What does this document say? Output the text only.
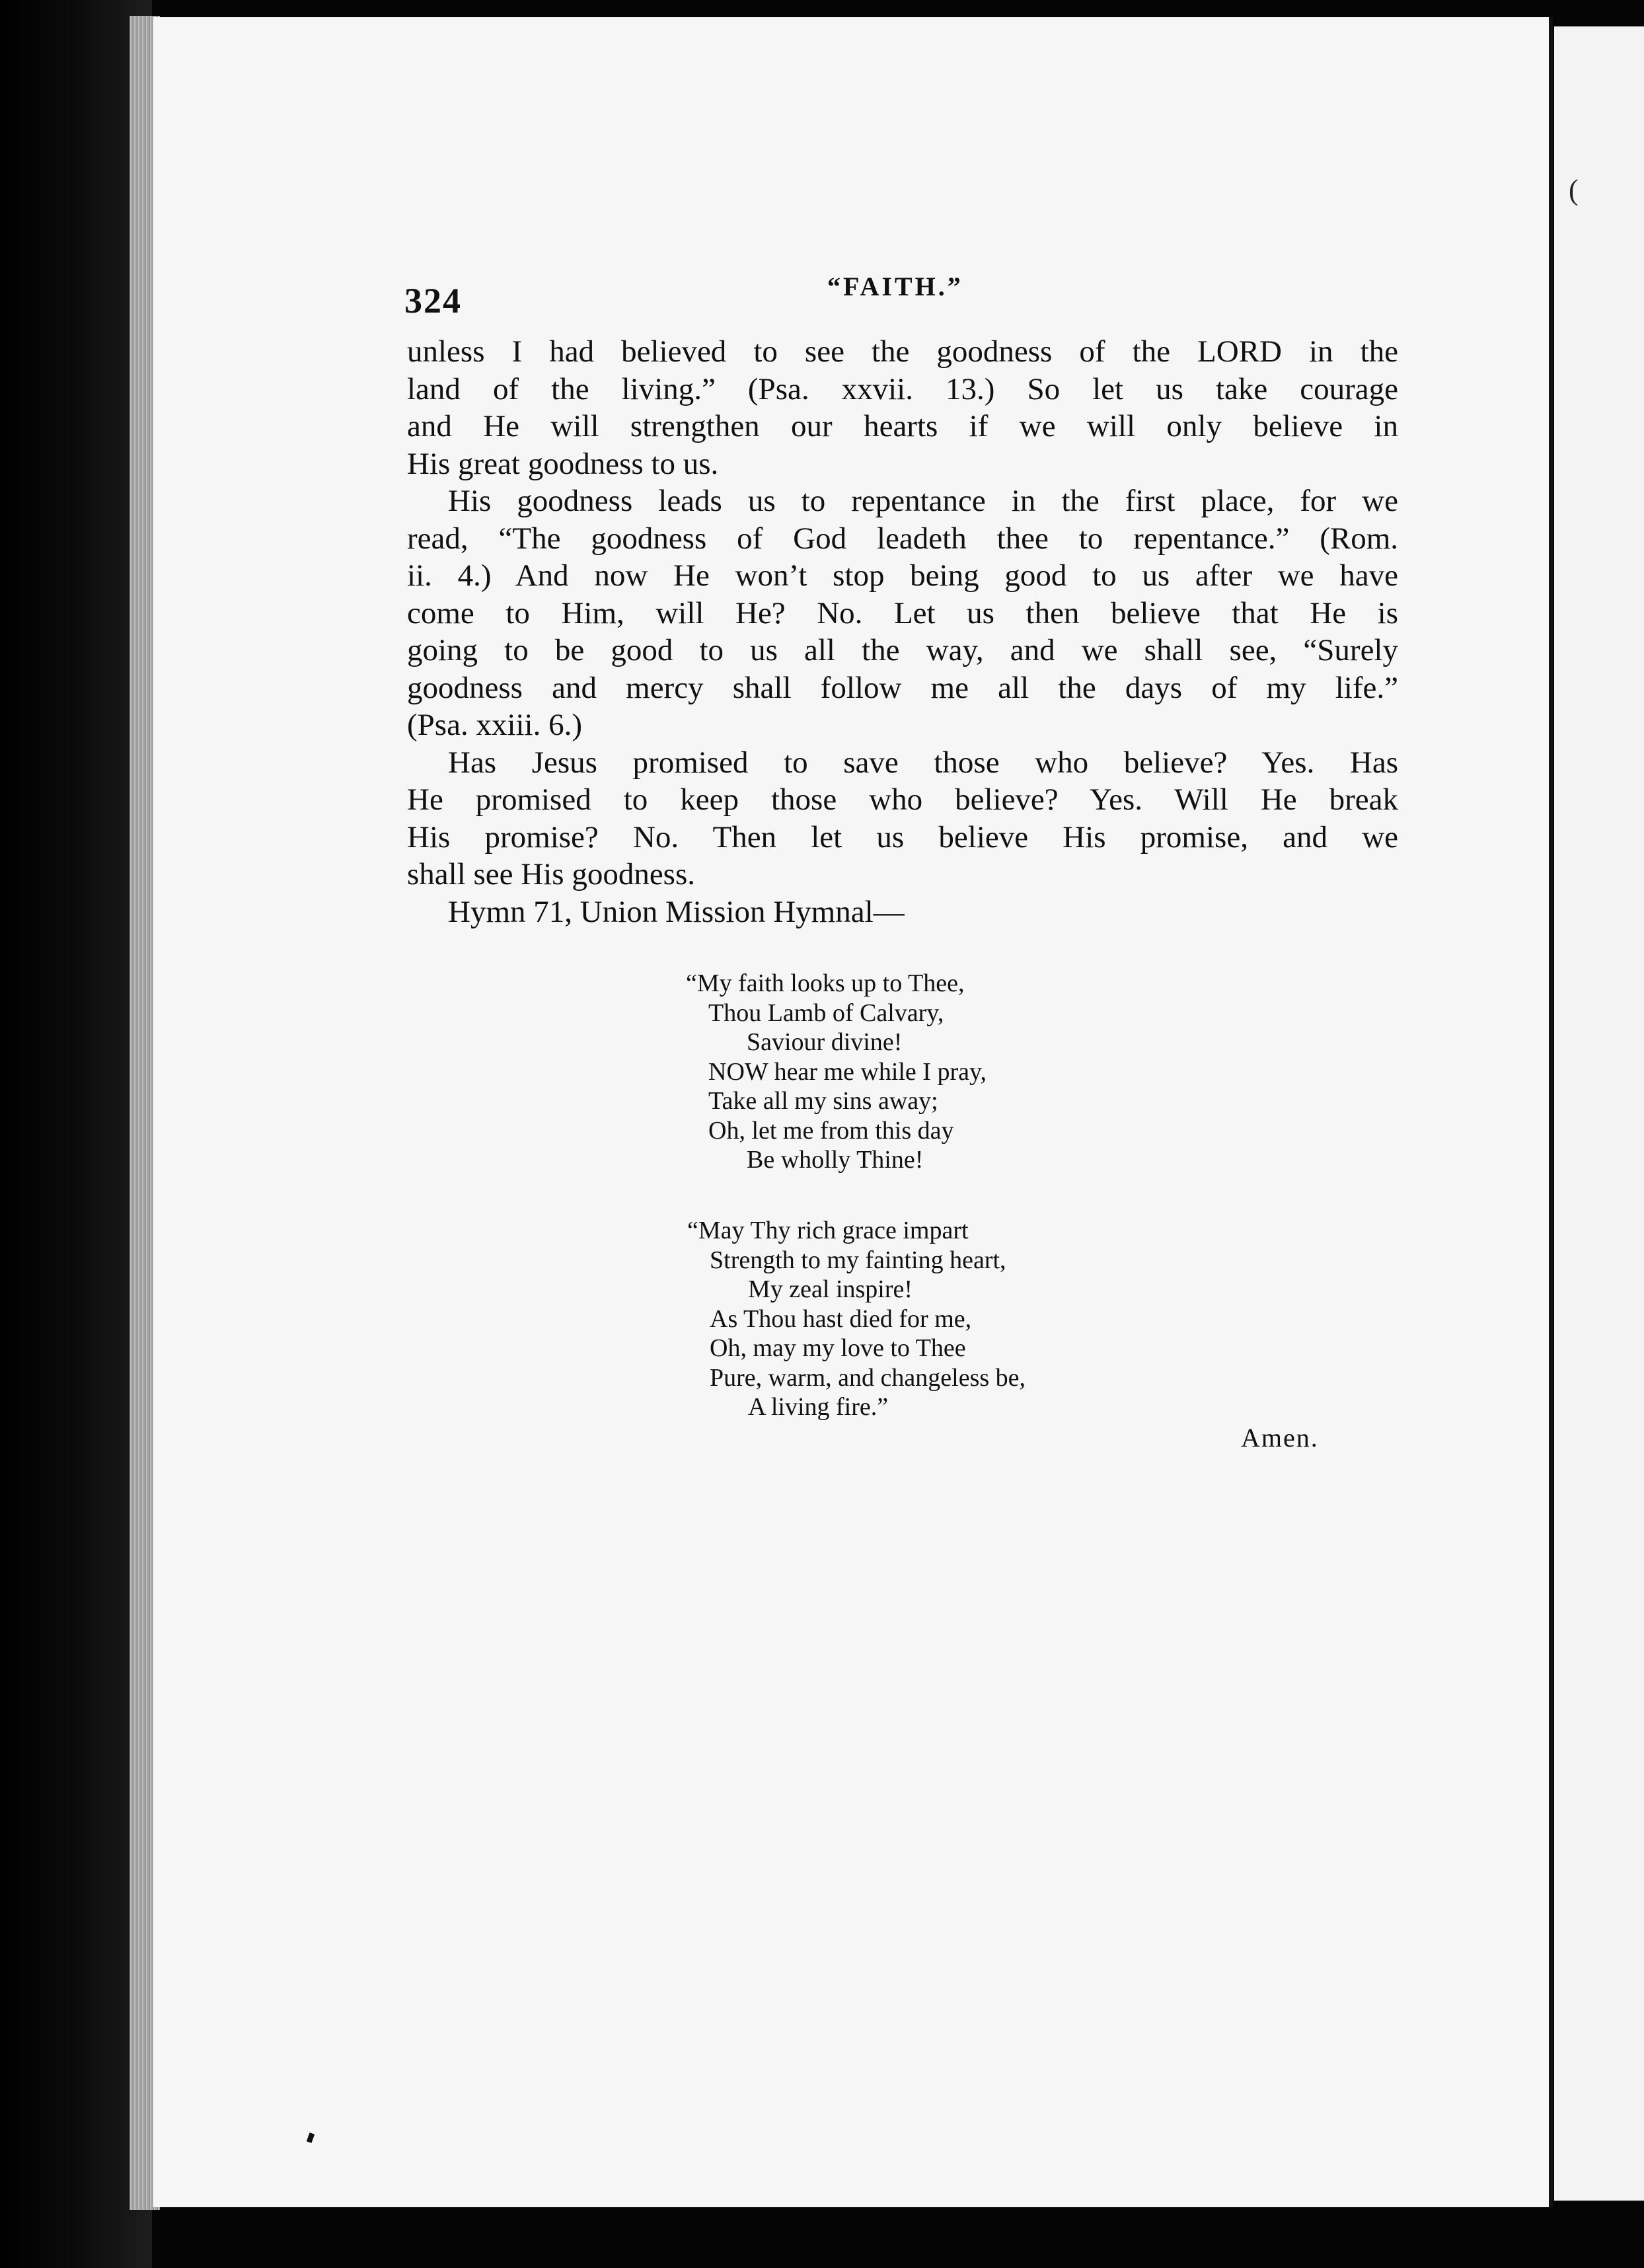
(
324	“FAITH.”
unless I had believed to see the goodness of the LORD in the
land of the living.” (Psa. xxvii. 13.) So let us take courage
and He will strengthen our hearts if we will only believe in
His great goodness to us.
His goodness leads us to repentance in the first place, for we
read, “The goodness of God leadeth thee to repentance.” (Rom.
ii. 4.) And now He won’t stop being good to us after we have
come to Him, will He? No. Let us then believe that He is
going to be good to us all the way, and we shall see, “Surely
goodness and mercy shall follow me all the days of my life.”
(Psa. xxiii. 6.)
Has Jesus promised to save those who believe? Yes. Has
He promised to keep those who believe? Yes. Will He break
His promise? No. Then let us believe His promise, and we
shall see His goodness.
Hymn 71, Union Mission Hymnal—
“My faith looks up to Thee,
Thou Lamb of Calvary,
Saviour divine!
NOW hear me while I pray,
Take all my sins away;
Oh, let me from this day
Be wholly Thine!
“May Thy rich grace impart
Strength to my fainting heart,
My zeal inspire!
As Thou hast died for me,
Oh, may my love to Thee
Pure, warm, and changeless be,
A living fire.”
Amen.
